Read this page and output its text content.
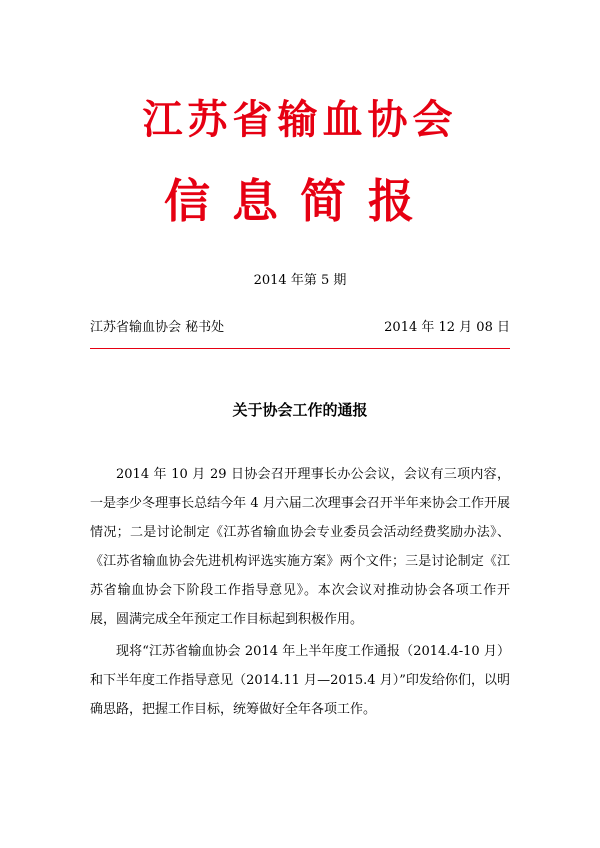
江苏省输血协会
信息简报
2014 年第 5 期
江苏省输血协会 秘书处	2014 年 12 月 08 日
关于协会工作的通报

2014 年 10 月 29 日协会召开理事长办公会议，会议有三项内容，一是李少冬理事长总结今年 4 月六届二次理事会召开半年来协会工作开展情况；二是讨论制定《江苏省输血协会专业委员会活动经费奖励办法》、《江苏省输血协会先进机构评选实施方案》两个文件；三是讨论制定《江苏省输血协会下阶段工作指导意见》。本次会议对推动协会各项工作开展，圆满完成全年预定工作目标起到积极作用。

现将“江苏省输血协会 2014 年上半年度工作通报（2014.4-10 月）和下半年度工作指导意见（2014.11 月—2015.4 月）”印发给你们，以明确思路，把握工作目标，统筹做好全年各项工作。
